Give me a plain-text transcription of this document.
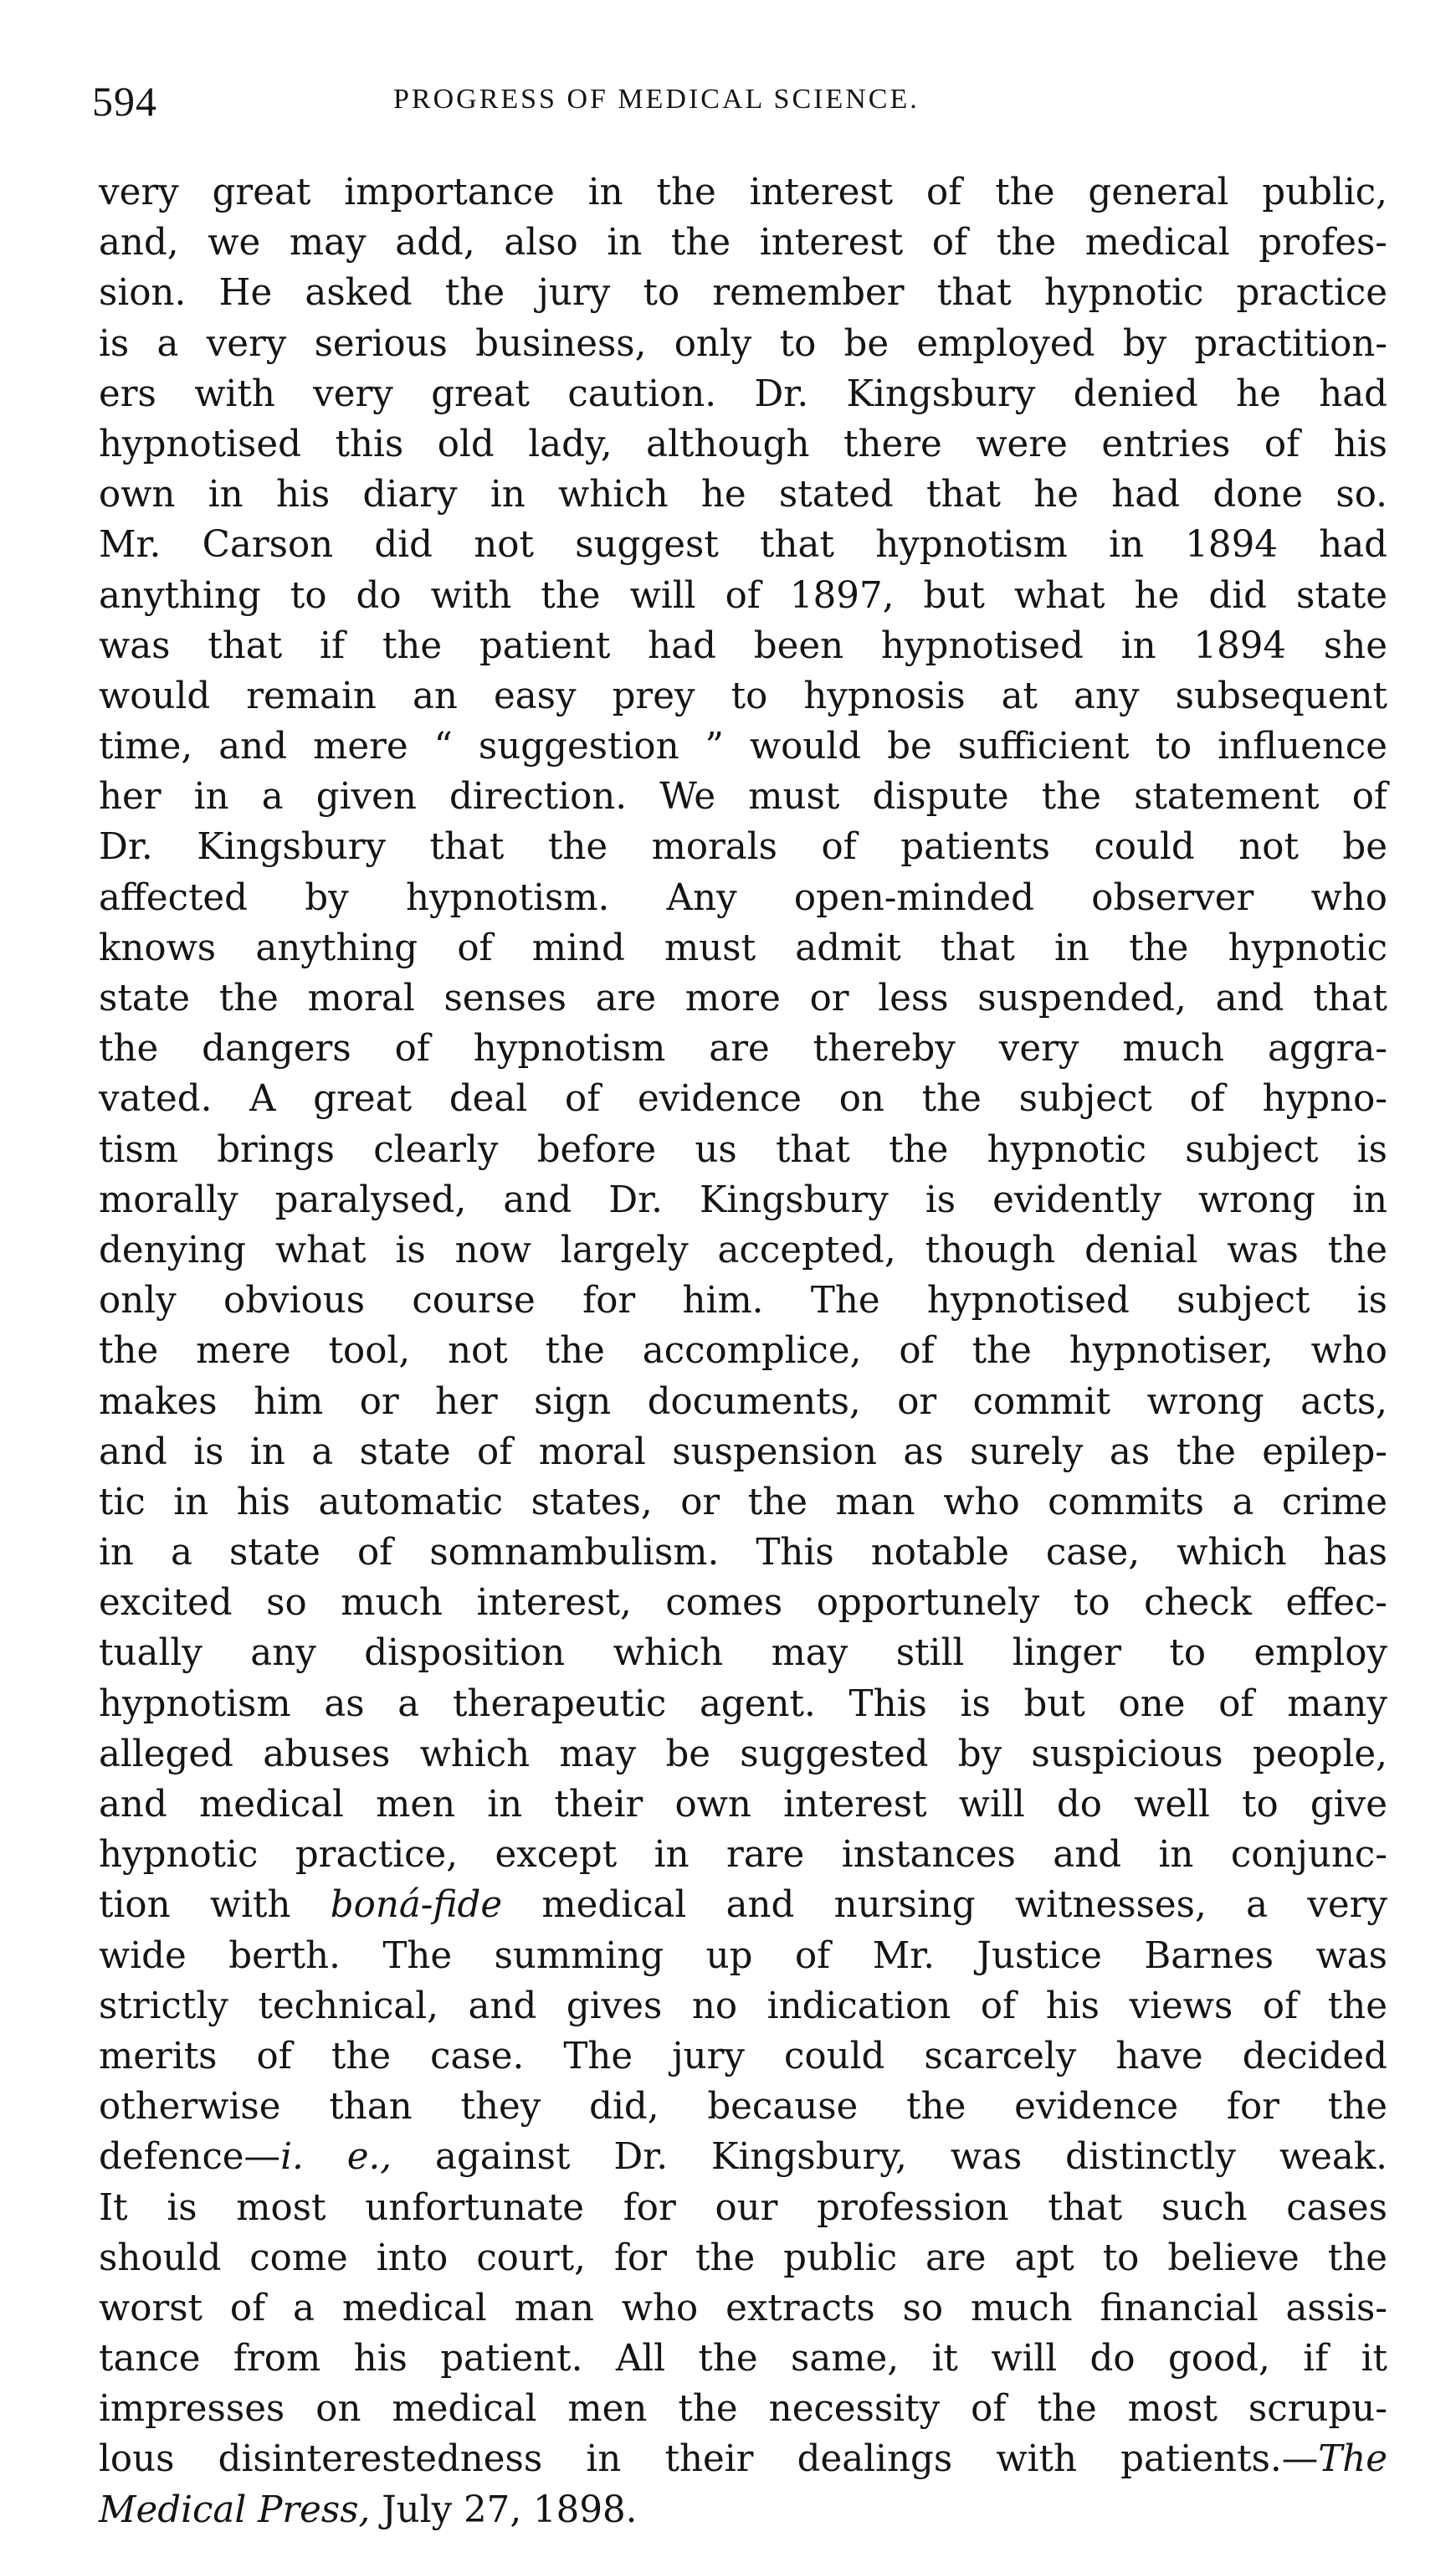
594	PROGRESS OF MEDICAL SCIENCE.
very great importance in the interest of the general public,
and, we may add, also in the interest of the medical profes-
sion. He asked the jury to remember that hypnotic practice
is a very serious business, only to be employed by practition-
ers with very great caution. Dr. Kingsbury denied he had
hypnotised this old lady, although there were entries of his
own in his diary in which he stated that he had done so.
Mr. Carson did not suggest that hypnotism in 1894 had
anything to do with the will of 1897, but what he did state
was that if the patient had been hypnotised in 1894 she
would remain an easy prey to hypnosis at any subsequent
time, and mere “ suggestion ” would be sufficient to influence
her in a given direction. We must dispute the statement of
Dr. Kingsbury that the morals of patients could not be
affected by hypnotism. Any open-minded observer who
knows anything of mind must admit that in the hypnotic
state the moral senses are more or less suspended, and that
the dangers of hypnotism are thereby very much aggra-
vated. A great deal of evidence on the subject of hypno-
tism brings clearly before us that the hypnotic subject is
morally paralysed, and Dr. Kingsbury is evidently wrong in
denying what is now largely accepted, though denial was the
only obvious course for him. The hypnotised subject is
the mere tool, not the accomplice, of the hypnotiser, who
makes him or her sign documents, or commit wrong acts,
and is in a state of moral suspension as surely as the epilep-
tic in his automatic states, or the man who commits a crime
in a state of somnambulism. This notable case, which has
excited so much interest, comes opportunely to check effec-
tually any disposition which may still linger to employ
hypnotism as a therapeutic agent. This is but one of many
alleged abuses which may be suggested by suspicious people,
and medical men in their own interest will do well to give
hypnotic practice, except in rare instances and in conjunc-
tion with boná-fide medical and nursing witnesses, a very
wide berth. The summing up of Mr. Justice Barnes was
strictly technical, and gives no indication of his views of the
merits of the case. The jury could scarcely have decided
otherwise than they did, because the evidence for the
defence—i. e., against Dr. Kingsbury, was distinctly weak.
It is most unfortunate for our profession that such cases
should come into court, for the public are apt to believe the
worst of a medical man who extracts so much financial assis-
tance from his patient. All the same, it will do good, if it
impresses on medical men the necessity of the most scrupu-
lous disinterestedness in their dealings with patients.—The
Medical Press, July 27, 1898.
